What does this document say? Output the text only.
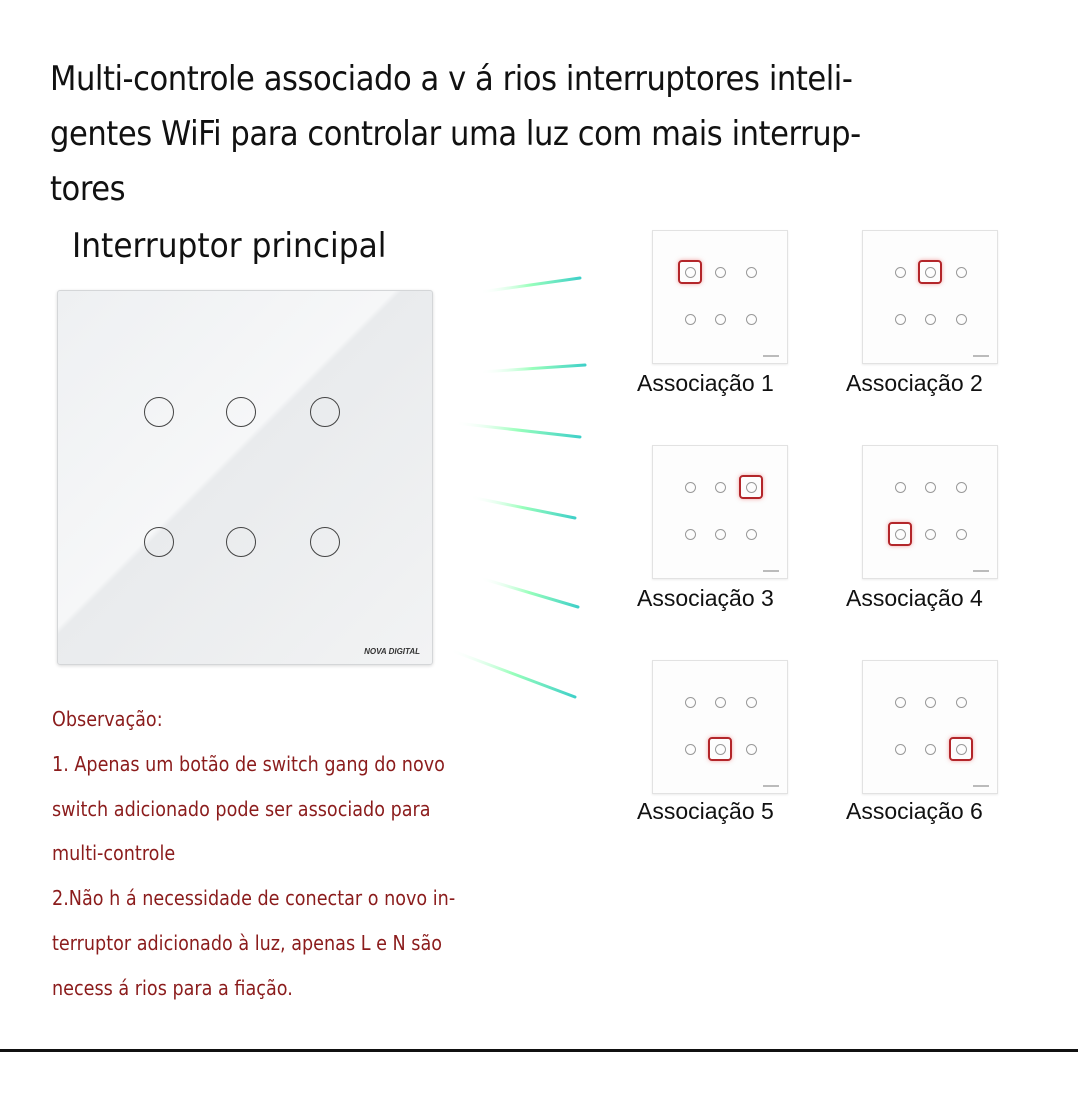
Multi-controle associado a v á rios interruptores inteli-
gentes WiFi para controlar uma luz com mais interrup-
tores
Interruptor principal
NOVA DIGITAL
Associação 1	Associação 2
Associação 3	Associação 4
Associação 5	Associação 6
Observação:
1. Apenas um botão de switch gang do novo
switch adicionado pode ser associado para
multi-controle
2.Não h á necessidade de conectar o novo in-
terruptor adicionado à luz, apenas L e N são
necess á rios para a fiação.
